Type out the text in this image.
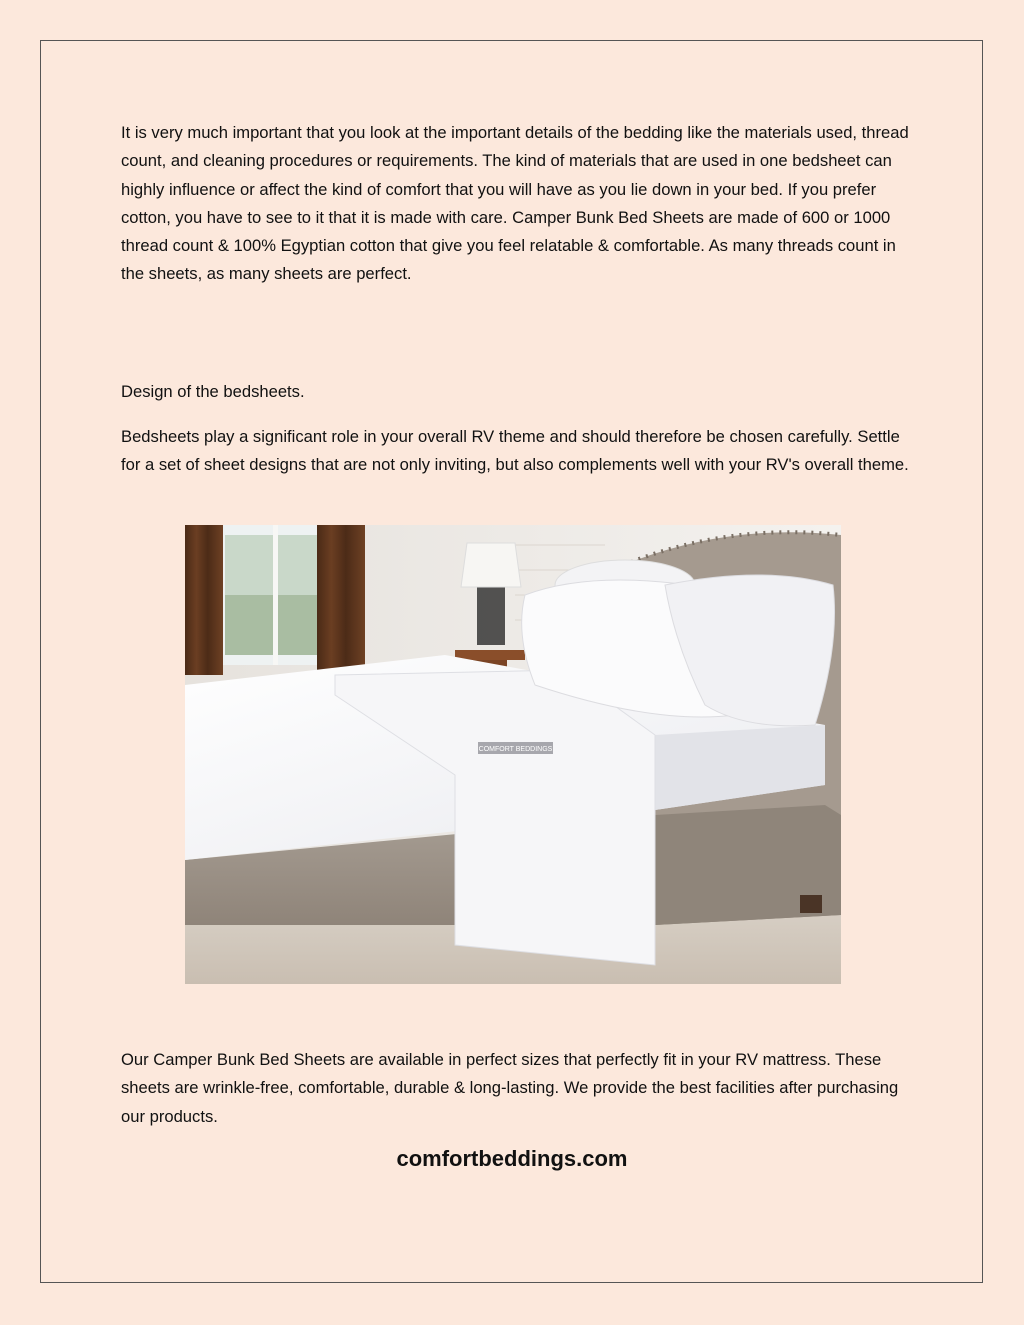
It is very much important that you look at the important details of the bedding like the materials used, thread count, and cleaning procedures or requirements. The kind of materials that are used in one bedsheet can highly influence or affect the kind of comfort that you will have as you lie down in your bed. If you prefer cotton, you have to see to it that it is made with care. Camper Bunk Bed Sheets are made of 600 or 1000 thread count & 100% Egyptian cotton that give you feel relatable & comfortable. As many threads count in the sheets, as many sheets are perfect.

Design of the bedsheets.

Bedsheets play a significant role in your overall RV theme and should therefore be chosen carefully. Settle for a set of sheet designs that are not only inviting, but also complements well with your RV's overall theme.

COMFORT BEDDINGS

Our Camper Bunk Bed Sheets are available in perfect sizes that perfectly fit in your RV mattress. These sheets are wrinkle-free, comfortable, durable & long-lasting. We provide the best facilities after purchasing our products.

comfortbeddings.com
